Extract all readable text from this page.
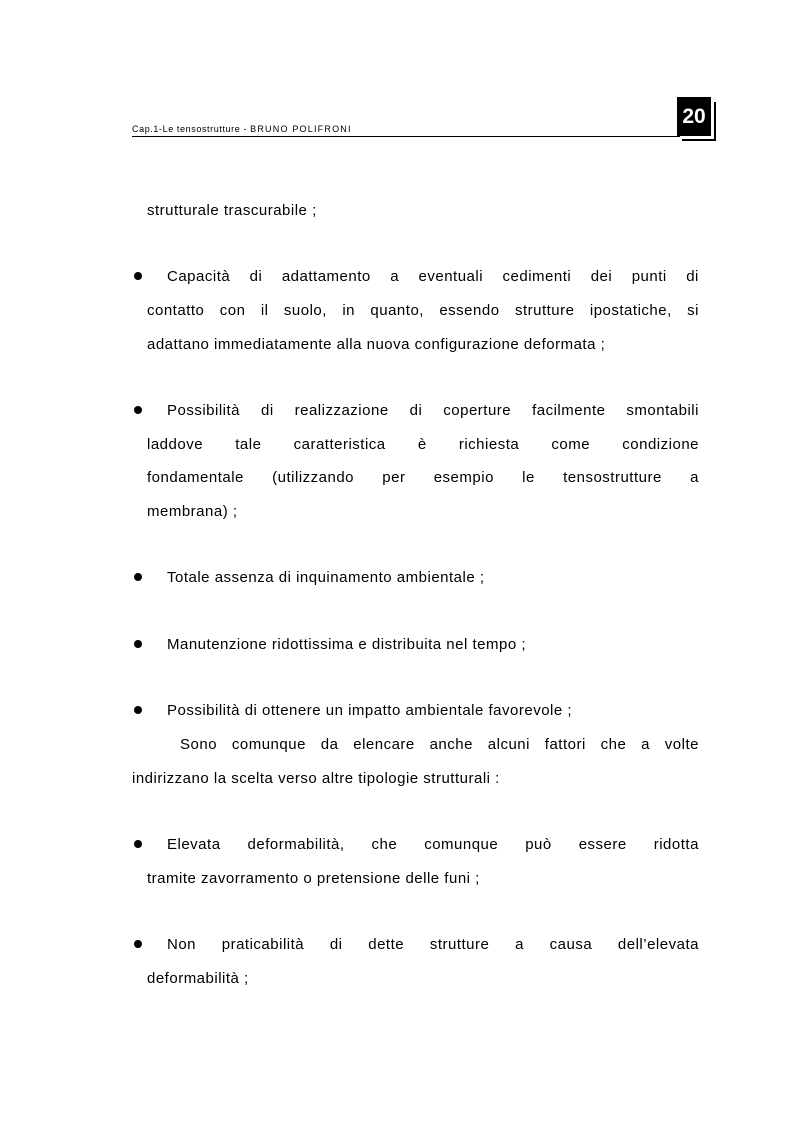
Cap.1-Le tensostrutture - BRUNO POLIFRONI
20
strutturale trascurabile ;
Capacità di adattamento a eventuali cedimenti dei punti di
contatto con il suolo, in quanto, essendo strutture ipostatiche, si
adattano immediatamente alla nuova configurazione deformata ;
Possibilità di realizzazione di coperture facilmente smontabili
laddove tale caratteristica è richiesta come condizione
fondamentale (utilizzando per esempio le tensostrutture a
membrana) ;
Totale assenza di inquinamento ambientale ;
Manutenzione ridottissima e distribuita nel tempo ;
Possibilità di ottenere un impatto ambientale favorevole ;
Sono comunque da elencare anche alcuni fattori che a volte
indirizzano la scelta verso altre tipologie strutturali :
Elevata deformabilità, che comunque può essere ridotta
tramite zavorramento o pretensione delle funi ;
Non praticabilità di dette strutture a causa dell’elevata
deformabilità ;
